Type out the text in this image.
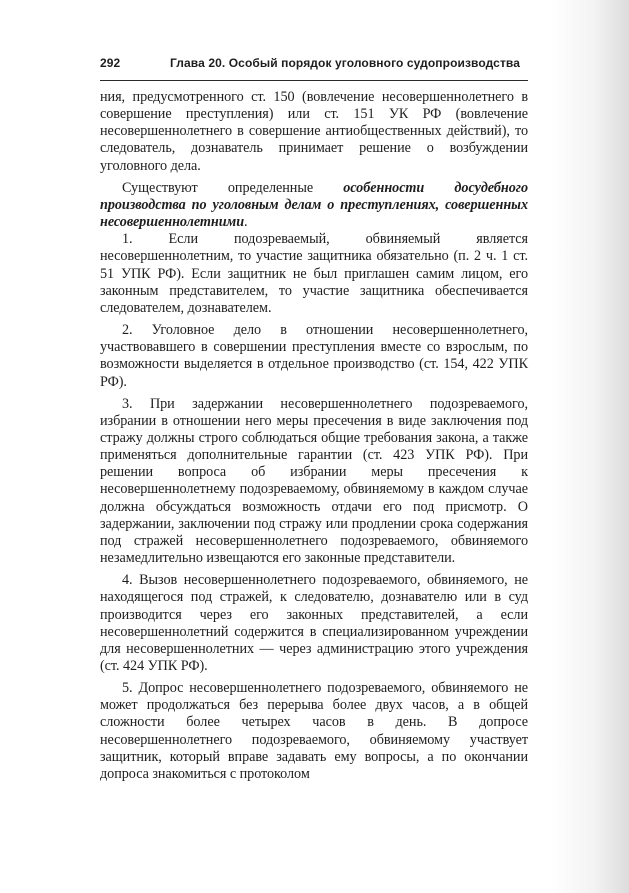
292	Глава 20. Особый порядок уголовного судопроизводства

ния, предусмотренного ст. 150 (вовлечение несовершеннолетнего в совершение преступления) или ст. 151 УК РФ (вовлечение несовершеннолетнего в совершение антиобщественных действий), то следователь, дознаватель принимает решение о возбуждении уголовного дела.

Существуют определенные особенности досудебного производства по уголовным делам о преступлениях, совершенных несовершеннолетними.

1. Если подозреваемый, обвиняемый является несовершеннолетним, то участие защитника обязательно (п. 2 ч. 1 ст. 51 УПК РФ). Если защитник не был приглашен самим лицом, его законным представителем, то участие защитника обеспечивается следователем, дознавателем.

2. Уголовное дело в отношении несовершеннолетнего, участвовавшего в совершении преступления вместе со взрослым, по возможности выделяется в отдельное производство (ст. 154, 422 УПК РФ).

3. При задержании несовершеннолетнего подозреваемого, избрании в отношении него меры пресечения в виде заключения под стражу должны строго соблюдаться общие требования закона, а также применяться дополнительные гарантии (ст. 423 УПК РФ). При решении вопроса об избрании меры пресечения к несовершеннолетнему подозреваемому, обвиняемому в каждом случае должна обсуждаться возможность отдачи его под присмотр. О задержании, заключении под стражу или продлении срока содержания под стражей несовершеннолетнего подозреваемого, обвиняемого незамедлительно извещаются его законные представители.

4. Вызов несовершеннолетнего подозреваемого, обвиняемого, не находящегося под стражей, к следователю, дознавателю или в суд производится через его законных представителей, а если несовершеннолетний содержится в специализированном учреждении для несовершеннолетних — через администрацию этого учреждения (ст. 424 УПК РФ).

5. Допрос несовершеннолетнего подозреваемого, обвиняемого не может продолжаться без перерыва более двух часов, а в общей сложности более четырех часов в день. В допросе несовершеннолетнего подозреваемого, обвиняемому участвует защитник, который вправе задавать ему вопросы, а по окончании допроса знакомиться с протоколом
